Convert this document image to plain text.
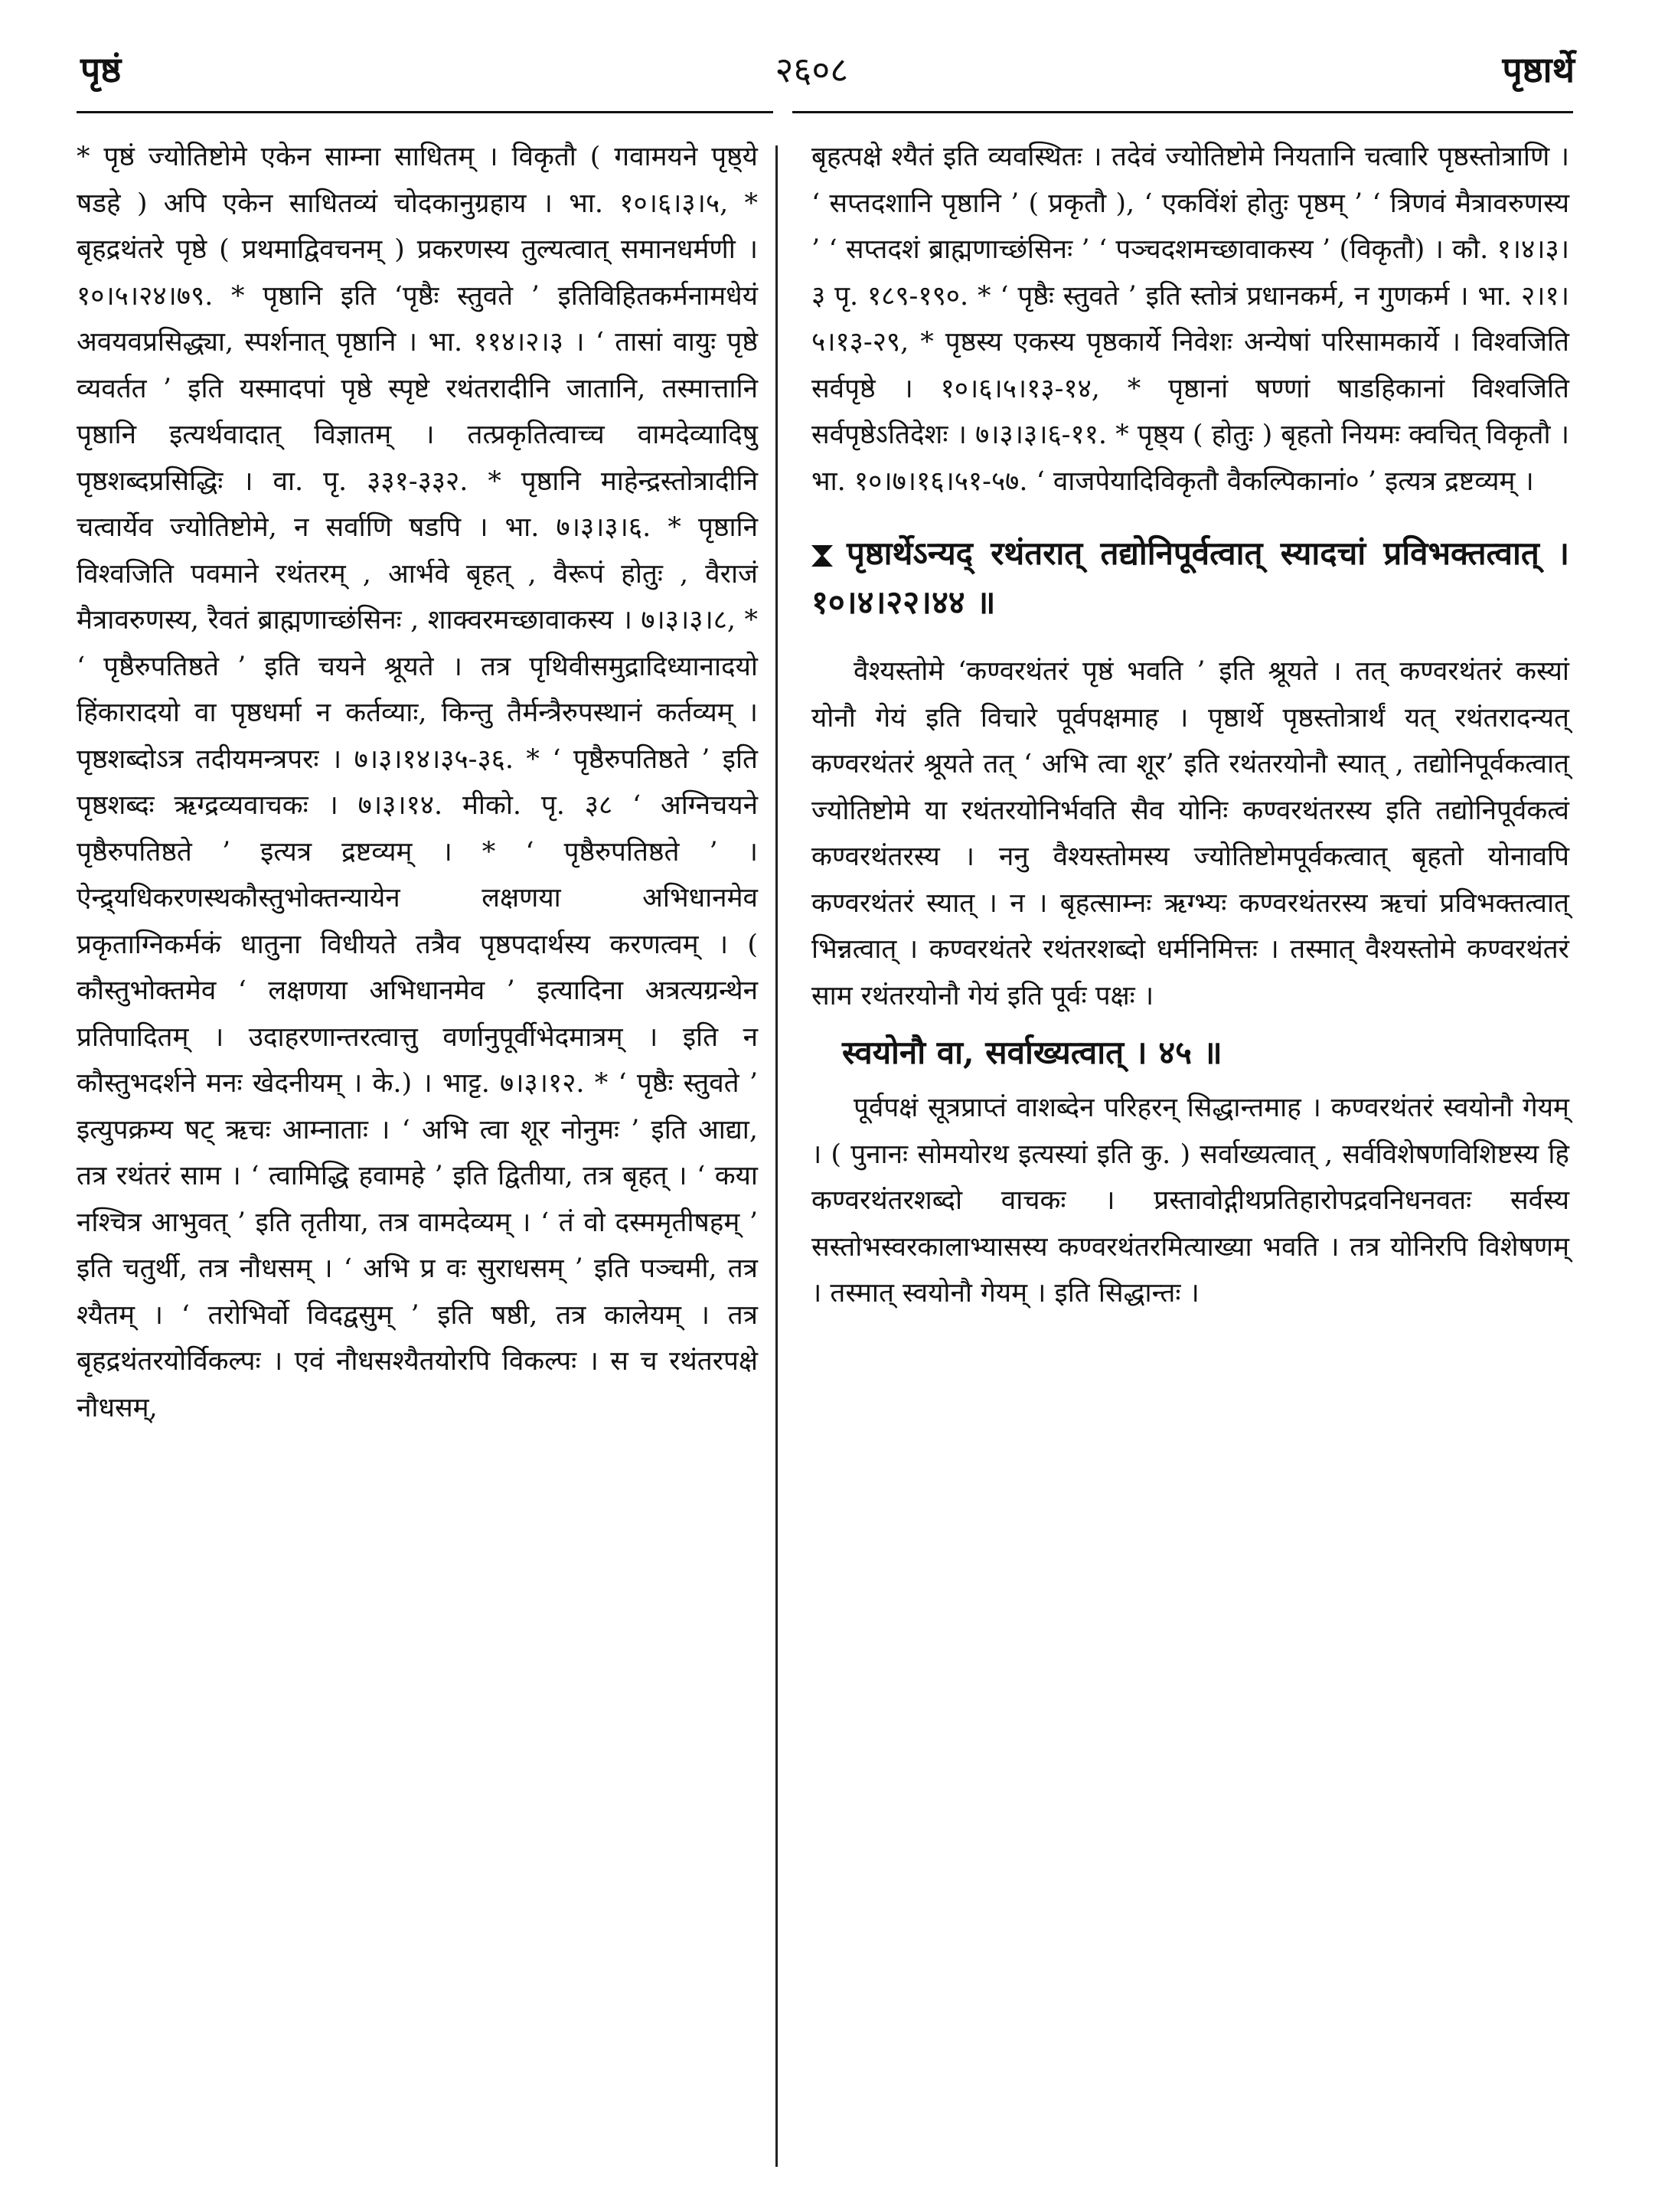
पृष्ठं	२६०८	पृष्ठार्थे

* पृष्ठं ज्योतिष्टोमे एकेन साम्ना साधितम् । विकृतौ ( गवामयने पृष्ठ्ये षडहे ) अपि एकेन साधितव्यं चोदकानुग्रहाय । भा. १०।६।३।५, * बृहद्रथंतरे पृष्ठे ( प्रथमाद्विवचनम् ) प्रकरणस्य तुल्यत्वात् समानधर्मणी । १०।५।२४।७९. * पृष्ठानि इति ‘पृष्ठैः स्तुवते ’ इतिविहितकर्मनामधेयं अवयवप्रसिद्ध्या, स्पर्शनात् पृष्ठानि । भा. ११४।२।३ । ‘ तासां वायुः पृष्ठे व्यवर्तत ’ इति यस्मादपां पृष्ठे स्पृष्टे रथंतरादीनि जातानि, तस्मात्तानि पृष्ठानि इत्यर्थवादात् विज्ञातम् । तत्प्रकृतित्वाच्च वामदेव्यादिषु पृष्ठशब्दप्रसिद्धिः । वा. पृ. ३३१-३३२. * पृष्ठानि माहेन्द्रस्तोत्रादीनि चत्वार्येव ज्योतिष्टोमे, न सर्वाणि षडपि । भा. ७।३।३।६. * पृष्ठानि विश्वजिति पवमाने रथंतरम् , आर्भवे बृहत् , वैरूपं होतुः , वैराजं मैत्रावरुणस्य, रैवतं ब्राह्मणाच्छंसिनः , शाक्वरमच्छावाकस्य । ७।३।३।८, * ‘ पृष्ठैरुपतिष्ठते ’ इति चयने श्रूयते । तत्र पृथिवीसमुद्रादिध्यानादयो हिंकारादयो वा पृष्ठधर्मा न कर्तव्याः, किन्तु तैर्मन्त्रैरुपस्थानं कर्तव्यम् । पृष्ठशब्दोऽत्र तदीयमन्त्रपरः । ७।३।१४।३५-३६. * ‘ पृष्ठैरुपतिष्ठते ’ इति पृष्ठशब्दः ऋग्द्रव्यवाचकः । ७।३।१४. मीको. पृ. ३८ ‘ अग्निचयने पृष्ठैरुपतिष्ठते ’ इत्यत्र द्रष्टव्यम् । * ‘ पृष्ठैरुपतिष्ठते ’ । ऐन्द्र्यधिकरणस्थकौस्तुभोक्तन्यायेन लक्षणया अभिधानमेव प्रकृताग्निकर्मकं धातुना विधीयते तत्रैव पृष्ठपदार्थस्य करणत्वम् । ( कौस्तुभोक्तमेव ‘ लक्षणया अभिधानमेव ’ इत्यादिना अत्रत्यग्रन्थेन प्रतिपादितम् । उदाहरणान्तरत्वात्तु वर्णानुपूर्वीभेदमात्रम् । इति न कौस्तुभदर्शने मनः खेदनीयम् । के.) । भाट्ट. ७।३।१२. * ‘ पृष्ठैः स्तुवते ’ इत्युपक्रम्य षट् ऋचः आम्नाताः । ‘ अभि त्वा शूर नोनुमः ’ इति आद्या, तत्र रथंतरं साम । ‘ त्वामिद्धि हवामहे ’ इति द्वितीया, तत्र बृहत् । ‘ कया नश्चित्र आभुवत् ’ इति तृतीया, तत्र वामदेव्यम् । ‘ तं वो दस्ममृतीषहम् ’ इति चतुर्थी, तत्र नौधसम् । ‘ अभि प्र वः सुराधसम् ’ इति पञ्चमी, तत्र श्यैतम् । ‘ तरोभिर्वो विदद्वसुम् ’ इति षष्ठी, तत्र कालेयम् । तत्र बृहद्रथंतरयोर्विकल्पः । एवं नौधसश्यैतयोरपि विकल्पः । स च रथंतरपक्षे नौधसम्,

बृहत्पक्षे श्यैतं इति व्यवस्थितः । तदेवं ज्योतिष्टोमे नियतानि चत्वारि पृष्ठस्तोत्राणि । ‘ सप्तदशानि पृष्ठानि ’ ( प्रकृतौ ), ‘ एकविंशं होतुः पृष्ठम् ’ ‘ त्रिणवं मैत्रावरुणस्य ’ ‘ सप्तदशं ब्राह्मणाच्छंसिनः ’ ‘ पञ्चदशमच्छावाकस्य ’ (विकृतौ) । कौ. १।४।३।३ पृ. १८९-१९०. * ‘ पृष्ठैः स्तुवते ’ इति स्तोत्रं प्रधानकर्म, न गुणकर्म । भा. २।१।५।१३-२९, * पृष्ठस्य एकस्य पृष्ठकार्ये निवेशः अन्येषां परिसामकार्ये । विश्वजिति सर्वपृष्ठे । १०।६।५।१३-१४, * पृष्ठानां षण्णां षाडहिकानां विश्वजिति सर्वपृष्ठेऽतिदेशः । ७।३।३।६-११. * पृष्ठ्य ( होतुः ) बृहतो नियमः क्वचित् विकृतौ । भा. १०।७।१६।५१-५७. ‘ वाजपेयादिविकृतौ वैकल्पिकानां० ’ इत्यत्र द्रष्टव्यम् ।

पृष्ठार्थेऽन्यद् रथंतरात् तद्योनिपूर्वत्वात् स्यादचां प्रविभक्तत्वात् । १०।४।२२।४४ ॥

वैश्यस्तोमे ‘कण्वरथंतरं पृष्ठं भवति ’ इति श्रूयते । तत् कण्वरथंतरं कस्यां योनौ गेयं इति विचारे पूर्वपक्षमाह । पृष्ठार्थे पृष्ठस्तोत्रार्थं यत् रथंतरादन्यत् कण्वरथंतरं श्रूयते तत् ‘ अभि त्वा शूर’ इति रथंतरयोनौ स्यात् , तद्योनिपूर्वकत्वात् ज्योतिष्टोमे या रथंतरयोनिर्भवति सैव योनिः कण्वरथंतरस्य इति तद्योनिपूर्वकत्वं कण्वरथंतरस्य । ननु वैश्यस्तोमस्य ज्योतिष्टोमपूर्वकत्वात् बृहतो योनावपि कण्वरथंतरं स्यात् । न । बृहत्साम्नः ऋग्भ्यः कण्वरथंतरस्य ऋचां प्रविभक्तत्वात् भिन्नत्वात् । कण्वरथंतरे रथंतरशब्दो धर्मनिमित्तः । तस्मात् वैश्यस्तोमे कण्वरथंतरं साम रथंतरयोनौ गेयं इति पूर्वः पक्षः ।

स्वयोनौ वा, सर्वाख्यत्वात् । ४५ ॥

पूर्वपक्षं सूत्रप्राप्तं वाशब्देन परिहरन् सिद्धान्तमाह । कण्वरथंतरं स्वयोनौ गेयम् । ( पुनानः सोमयोरथ इत्यस्यां इति कु. ) सर्वाख्यत्वात् , सर्वविशेषणविशिष्टस्य हि कण्वरथंतरशब्दो वाचकः । प्रस्तावोद्गीथप्रतिहारोपद्रवनिधनवतः सर्वस्य सस्तोभस्वरकालाभ्यासस्य कण्वरथंतरमित्याख्या भवति । तत्र योनिरपि विशेषणम् । तस्मात् स्वयोनौ गेयम् । इति सिद्धान्तः ।
